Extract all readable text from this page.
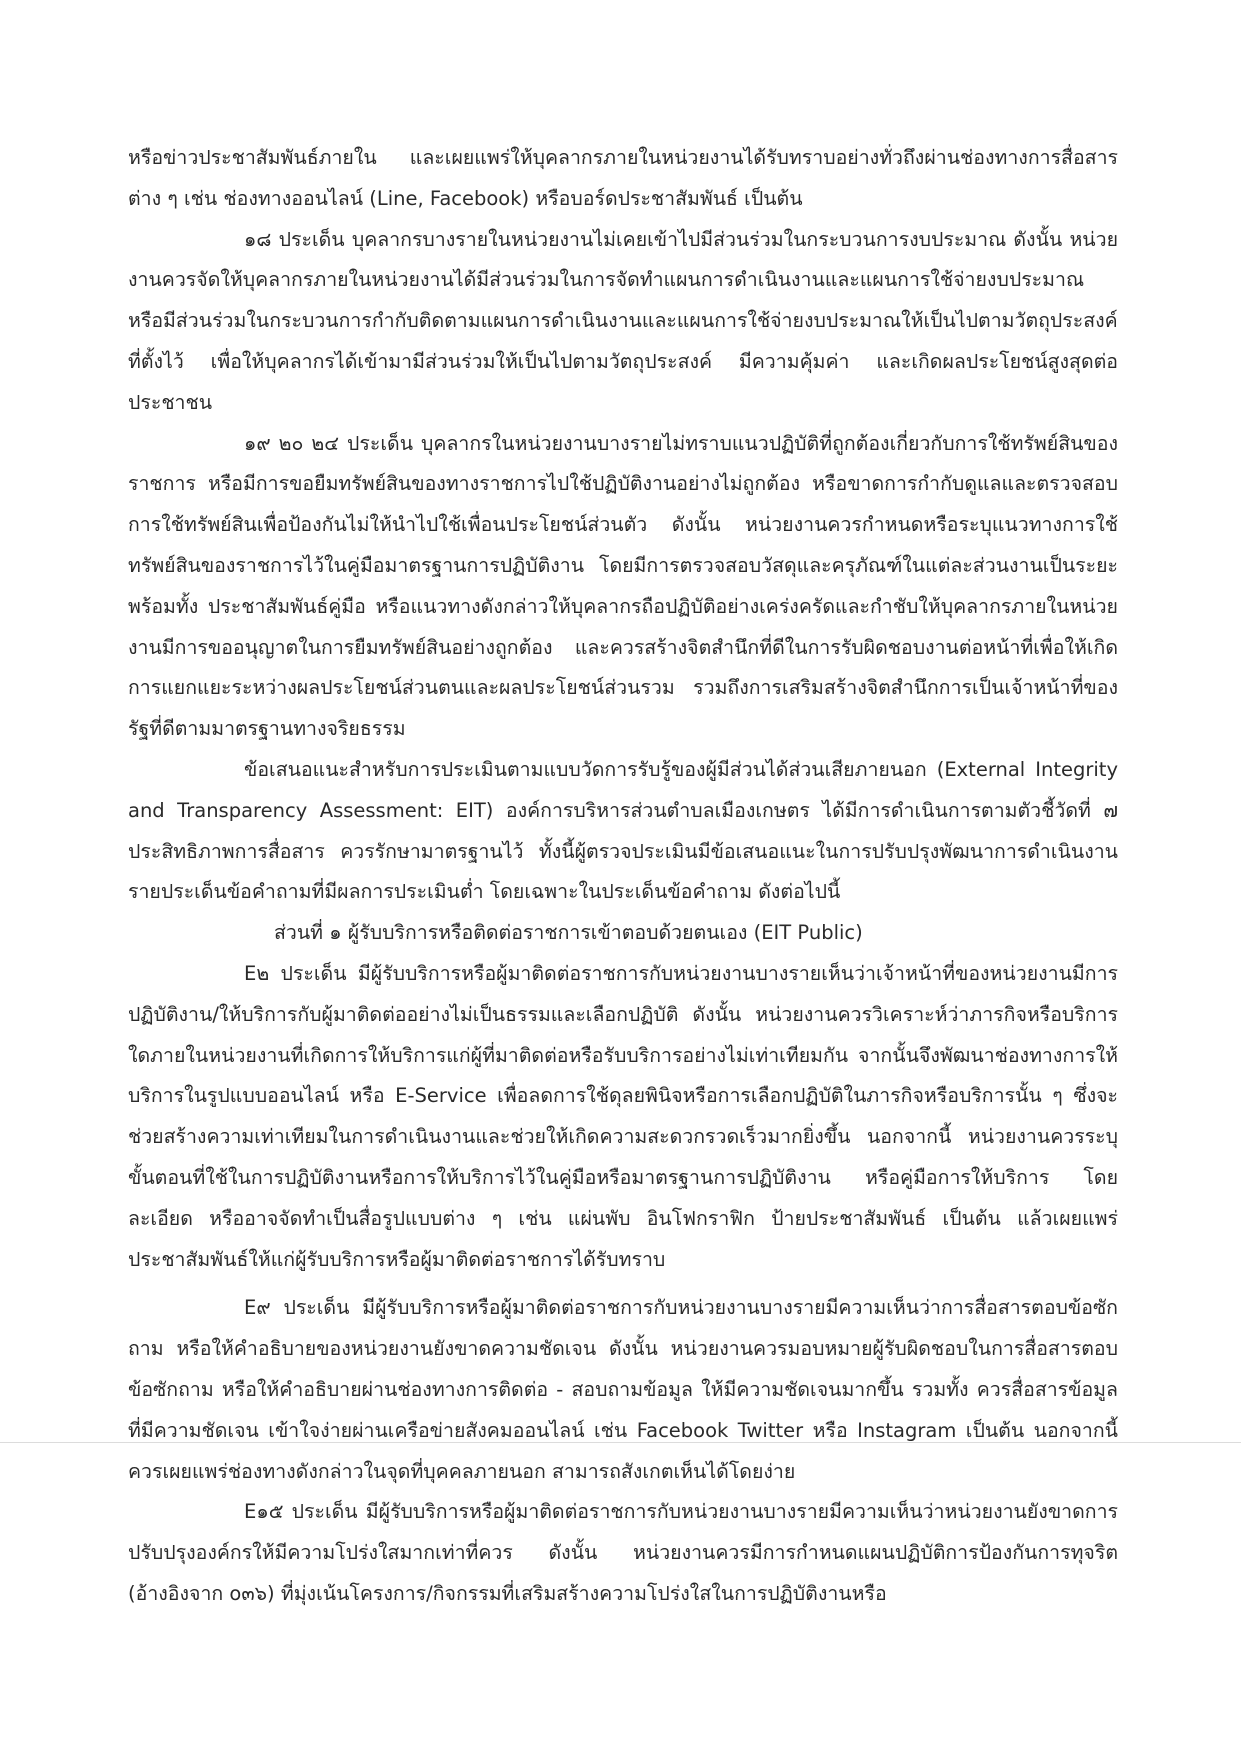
หรือข่าวประชาสัมพันธ์ภายใน และเผยแพร่ให้บุคลากรภายในหน่วยงานได้รับทราบอย่างทั่วถึงผ่านช่องทางการสื่อสารต่าง ๆ เช่น ช่องทางออนไลน์ (Line, Facebook) หรือบอร์ดประชาสัมพันธ์ เป็นต้น

๑๘ ประเด็น บุคลากรบางรายในหน่วยงานไม่เคยเข้าไปมีส่วนร่วมในกระบวนการงบประมาณ ดังนั้น หน่วยงานควรจัดให้บุคลากรภายในหน่วยงานได้มีส่วนร่วมในการจัดทำแผนการดำเนินงานและแผนการใช้จ่ายงบประมาณ หรือมีส่วนร่วมในกระบวนการกำกับติดตามแผนการดำเนินงานและแผนการใช้จ่ายงบประมาณให้เป็นไปตามวัตถุประสงค์ที่ตั้งไว้ เพื่อให้บุคลากรได้เข้ามามีส่วนร่วมให้เป็นไปตามวัตถุประสงค์ มีความคุ้มค่า และเกิดผลประโยชน์สูงสุดต่อประชาชน

๑๙ ๒๐ ๒๔ ประเด็น บุคลากรในหน่วยงานบางรายไม่ทราบแนวปฏิบัติที่ถูกต้องเกี่ยวกับการใช้ทรัพย์สินของราชการ หรือมีการขอยืมทรัพย์สินของทางราชการไปใช้ปฏิบัติงานอย่างไม่ถูกต้อง หรือขาดการกำกับดูแลและตรวจสอบการใช้ทรัพย์สินเพื่อป้องกันไม่ให้นำไปใช้เพื่อนประโยชน์ส่วนตัว ดังนั้น หน่วยงานควรกำหนดหรือระบุแนวทางการใช้ทรัพย์สินของราชการไว้ในคู่มือมาตรฐานการปฏิบัติงาน โดยมีการตรวจสอบวัสดุและครุภัณฑ์ในแต่ละส่วนงานเป็นระยะ พร้อมทั้ง ประชาสัมพันธ์คู่มือ หรือแนวทางดังกล่าวให้บุคลากรถือปฏิบัติอย่างเคร่งครัดและกำชับให้บุคลากรภายในหน่วยงานมีการขออนุญาตในการยืมทรัพย์สินอย่างถูกต้อง และควรสร้างจิตสำนึกที่ดีในการรับผิดชอบงานต่อหน้าที่เพื่อให้เกิดการแยกแยะระหว่างผลประโยชน์ส่วนตนและผลประโยชน์ส่วนรวม รวมถึงการเสริมสร้างจิตสำนึกการเป็นเจ้าหน้าที่ของรัฐที่ดีตามมาตรฐานทางจริยธรรม

ข้อเสนอแนะสำหรับการประเมินตามแบบวัดการรับรู้ของผู้มีส่วนได้ส่วนเสียภายนอก (External Integrity and Transparency Assessment: EIT) องค์การบริหารส่วนตำบลเมืองเกษตร ได้มีการดำเนินการตามตัวชี้วัดที่ ๗ ประสิทธิภาพการสื่อสาร ควรรักษามาตรฐานไว้ ทั้งนี้ผู้ตรวจประเมินมีข้อเสนอแนะในการปรับปรุงพัฒนาการดำเนินงานรายประเด็นข้อคำถามที่มีผลการประเมินต่ำ โดยเฉพาะในประเด็นข้อคำถาม ดังต่อไปนี้

ส่วนที่ ๑ ผู้รับบริการหรือติดต่อราชการเข้าตอบด้วยตนเอง (EIT Public)

E๒ ประเด็น มีผู้รับบริการหรือผู้มาติดต่อราชการกับหน่วยงานบางรายเห็นว่าเจ้าหน้าที่ของหน่วยงานมีการปฏิบัติงาน/ให้บริการกับผู้มาติดต่ออย่างไม่เป็นธรรมและเลือกปฏิบัติ ดังนั้น หน่วยงานควรวิเคราะห์ว่าภารกิจหรือบริการใดภายในหน่วยงานที่เกิดการให้บริการแก่ผู้ที่มาติดต่อหรือรับบริการอย่างไม่เท่าเทียมกัน จากนั้นจึงพัฒนาช่องทางการให้บริการในรูปแบบออนไลน์ หรือ E-Service เพื่อลดการใช้ดุลยพินิจหรือการเลือกปฏิบัติในภารกิจหรือบริการนั้น ๆ ซึ่งจะช่วยสร้างความเท่าเทียมในการดำเนินงานและช่วยให้เกิดความสะดวกรวดเร็วมากยิ่งขึ้น นอกจากนี้ หน่วยงานควรระบุขั้นตอนที่ใช้ในการปฏิบัติงานหรือการให้บริการไว้ในคู่มือหรือมาตรฐานการปฏิบัติงาน หรือคู่มือการให้บริการ โดยละเอียด หรืออาจจัดทำเป็นสื่อรูปแบบต่าง ๆ เช่น แผ่นพับ อินโฟกราฟิก ป้ายประชาสัมพันธ์ เป็นต้น แล้วเผยแพร่ประชาสัมพันธ์ให้แก่ผู้รับบริการหรือผู้มาติดต่อราชการได้รับทราบ

E๙ ประเด็น มีผู้รับบริการหรือผู้มาติดต่อราชการกับหน่วยงานบางรายมีความเห็นว่าการสื่อสารตอบข้อซักถาม หรือให้คำอธิบายของหน่วยงานยังขาดความชัดเจน ดังนั้น หน่วยงานควรมอบหมายผู้รับผิดชอบในการสื่อสารตอบข้อซักถาม หรือให้คำอธิบายผ่านช่องทางการติดต่อ - สอบถามข้อมูล ให้มีความชัดเจนมากขึ้น รวมทั้ง ควรสื่อสารข้อมูลที่มีความชัดเจน เข้าใจง่ายผ่านเครือข่ายสังคมออนไลน์ เช่น Facebook Twitter หรือ Instagram เป็นต้น นอกจากนี้ ควรเผยแพร่ช่องทางดังกล่าวในจุดที่บุคคลภายนอก สามารถสังเกตเห็นได้โดยง่าย

E๑๕ ประเด็น มีผู้รับบริการหรือผู้มาติดต่อราชการกับหน่วยงานบางรายมีความเห็นว่าหน่วยงานยังขาดการปรับปรุงองค์กรให้มีความโปร่งใสมากเท่าที่ควร ดังนั้น หน่วยงานควรมีการกำหนดแผนปฏิบัติการป้องกันการทุจริต (อ้างอิงจาก o๓๖) ที่มุ่งเน้นโครงการ/กิจกรรมที่เสริมสร้างความโปร่งใสในการปฏิบัติงานหรือ
